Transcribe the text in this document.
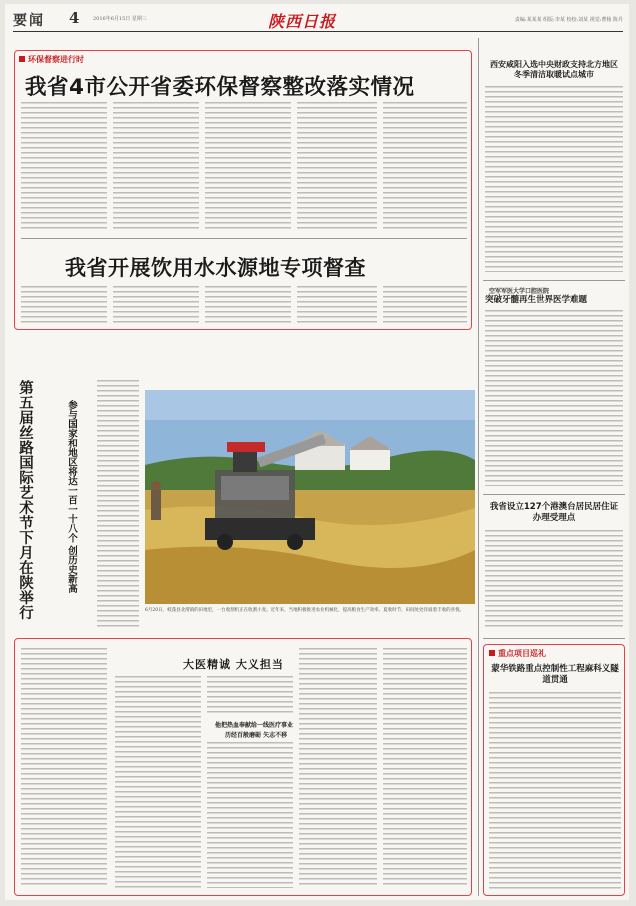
要闻 4	2016年6月15日 星期三	陕西日报	责编:某某某 组版:李某 校校:刘某 视觉:曹杨 陈丹
环保督察进行时
我省4市公开省委环保督察整改落实情况
我省开展饮用水水源地专项督查
第五届丝路国际艺术节下月在陕举行	参与国家和地区将达一百一十八个 创历史新高
6月20日，岐蓬县北渭镇的田地里，一台收割机正在收割小麦。近年来，当地积极推进农业机械化，提高粮食生产效率。夏收时节，田间处处洋溢着丰收的喜悦。
大医精诚 大义担当
他把热血奉献给一线医疗事业
历经百般磨砺 矢志不移
西安咸阳入选中央财政支持北方地区冬季清洁取暖试点城市
空军军医大学口腔医院
突破牙髓再生世界医学难题
我省设立127个港澳台居民居住证办理受理点
重点项目巡礼
蒙华铁路重点控制性工程麻科义隧道贯通
